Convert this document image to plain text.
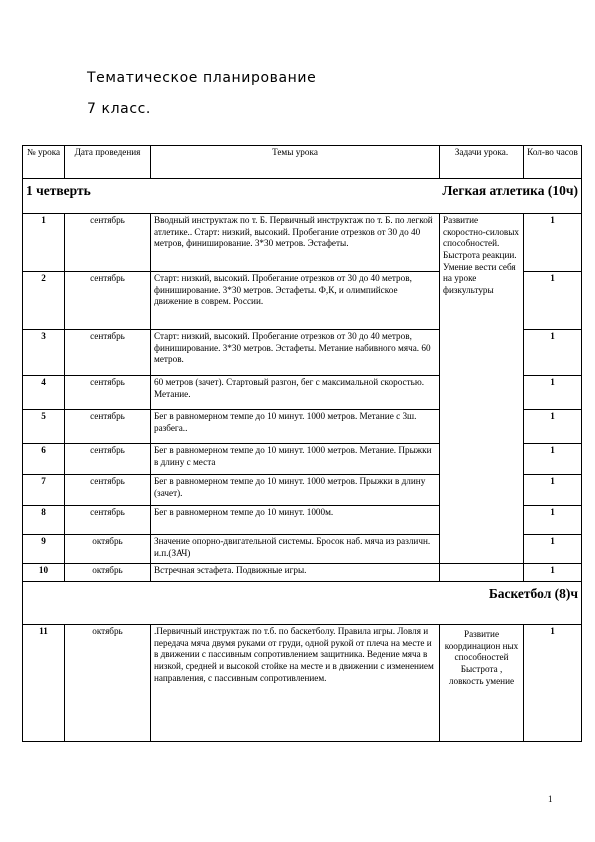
Тематическое планирование
7 класс.
№ урока	Дата проведения	Темы урока	Задачи урока.	Кол-во часов

1 четверть Легкая атлетика (10ч)				

1	сентябрь	Вводный инструктаж по т. Б. Первичный инструктаж по т. Б. по легкой атлетике.. Старт: низкий, высокий. Пробегание отрезков от 30 до 40 метров, финиширование. 3*30 метров. Эстафеты.	Развитие скоростно-силовых способностей. Быстрота реакции. Умение вести себя на уроке физкультуры	1
2	сентябрь	Старт: низкий, высокий. Пробегание отрезков от 30 до 40 метров, финиширование. 3*30 метров. Эстафеты. Ф,К, и олимпийское движение в соврем. России.		1
3	сентябрь	Старт: низкий, высокий. Пробегание отрезков от 30 до 40 метров, финиширование. 3*30 метров. Эстафеты. Метание набивного мяча. 60 метров.		1
4	сентябрь	60 метров (зачет). Стартовый разгон, бег с максимальной скоростью. Метание.		1
5	сентябрь	Бег в равномерном темпе до 10 минут. 1000 метров. Метание с 3ш. разбега..		1
6	сентябрь	Бег в равномерном темпе до 10 минут. 1000 метров. Метание. Прыжки в длину с места		1
7	сентябрь	Бег в равномерном темпе до 10 минут. 1000 метров. Прыжки в длину (зачет).		1
8	сентябрь	Бег в равномерном темпе до 10 минут. 1000м.		1
9	октябрь	Значение опорно-двигательной системы. Бросок наб. мяча из различн. и.п.(ЗАЧ)		1
10	октябрь	Встречная эстафета. Подвижные игры.		1

Баскетбол (8)ч				

11	октябрь	.Первичный инструктаж по т.б. по баскетболу. Правила игры. Ловля и передача мяча двумя руками от груди, одной рукой от плеча на месте и в движении с пассивным сопротивлением защитника. Ведение мяча в низкой, средней и высокой стойке на месте и в движении с изменением направления, с пассивным сопротивлением.	Развитие координацион ных способностей Быстрота , ловкость умение	1
1
